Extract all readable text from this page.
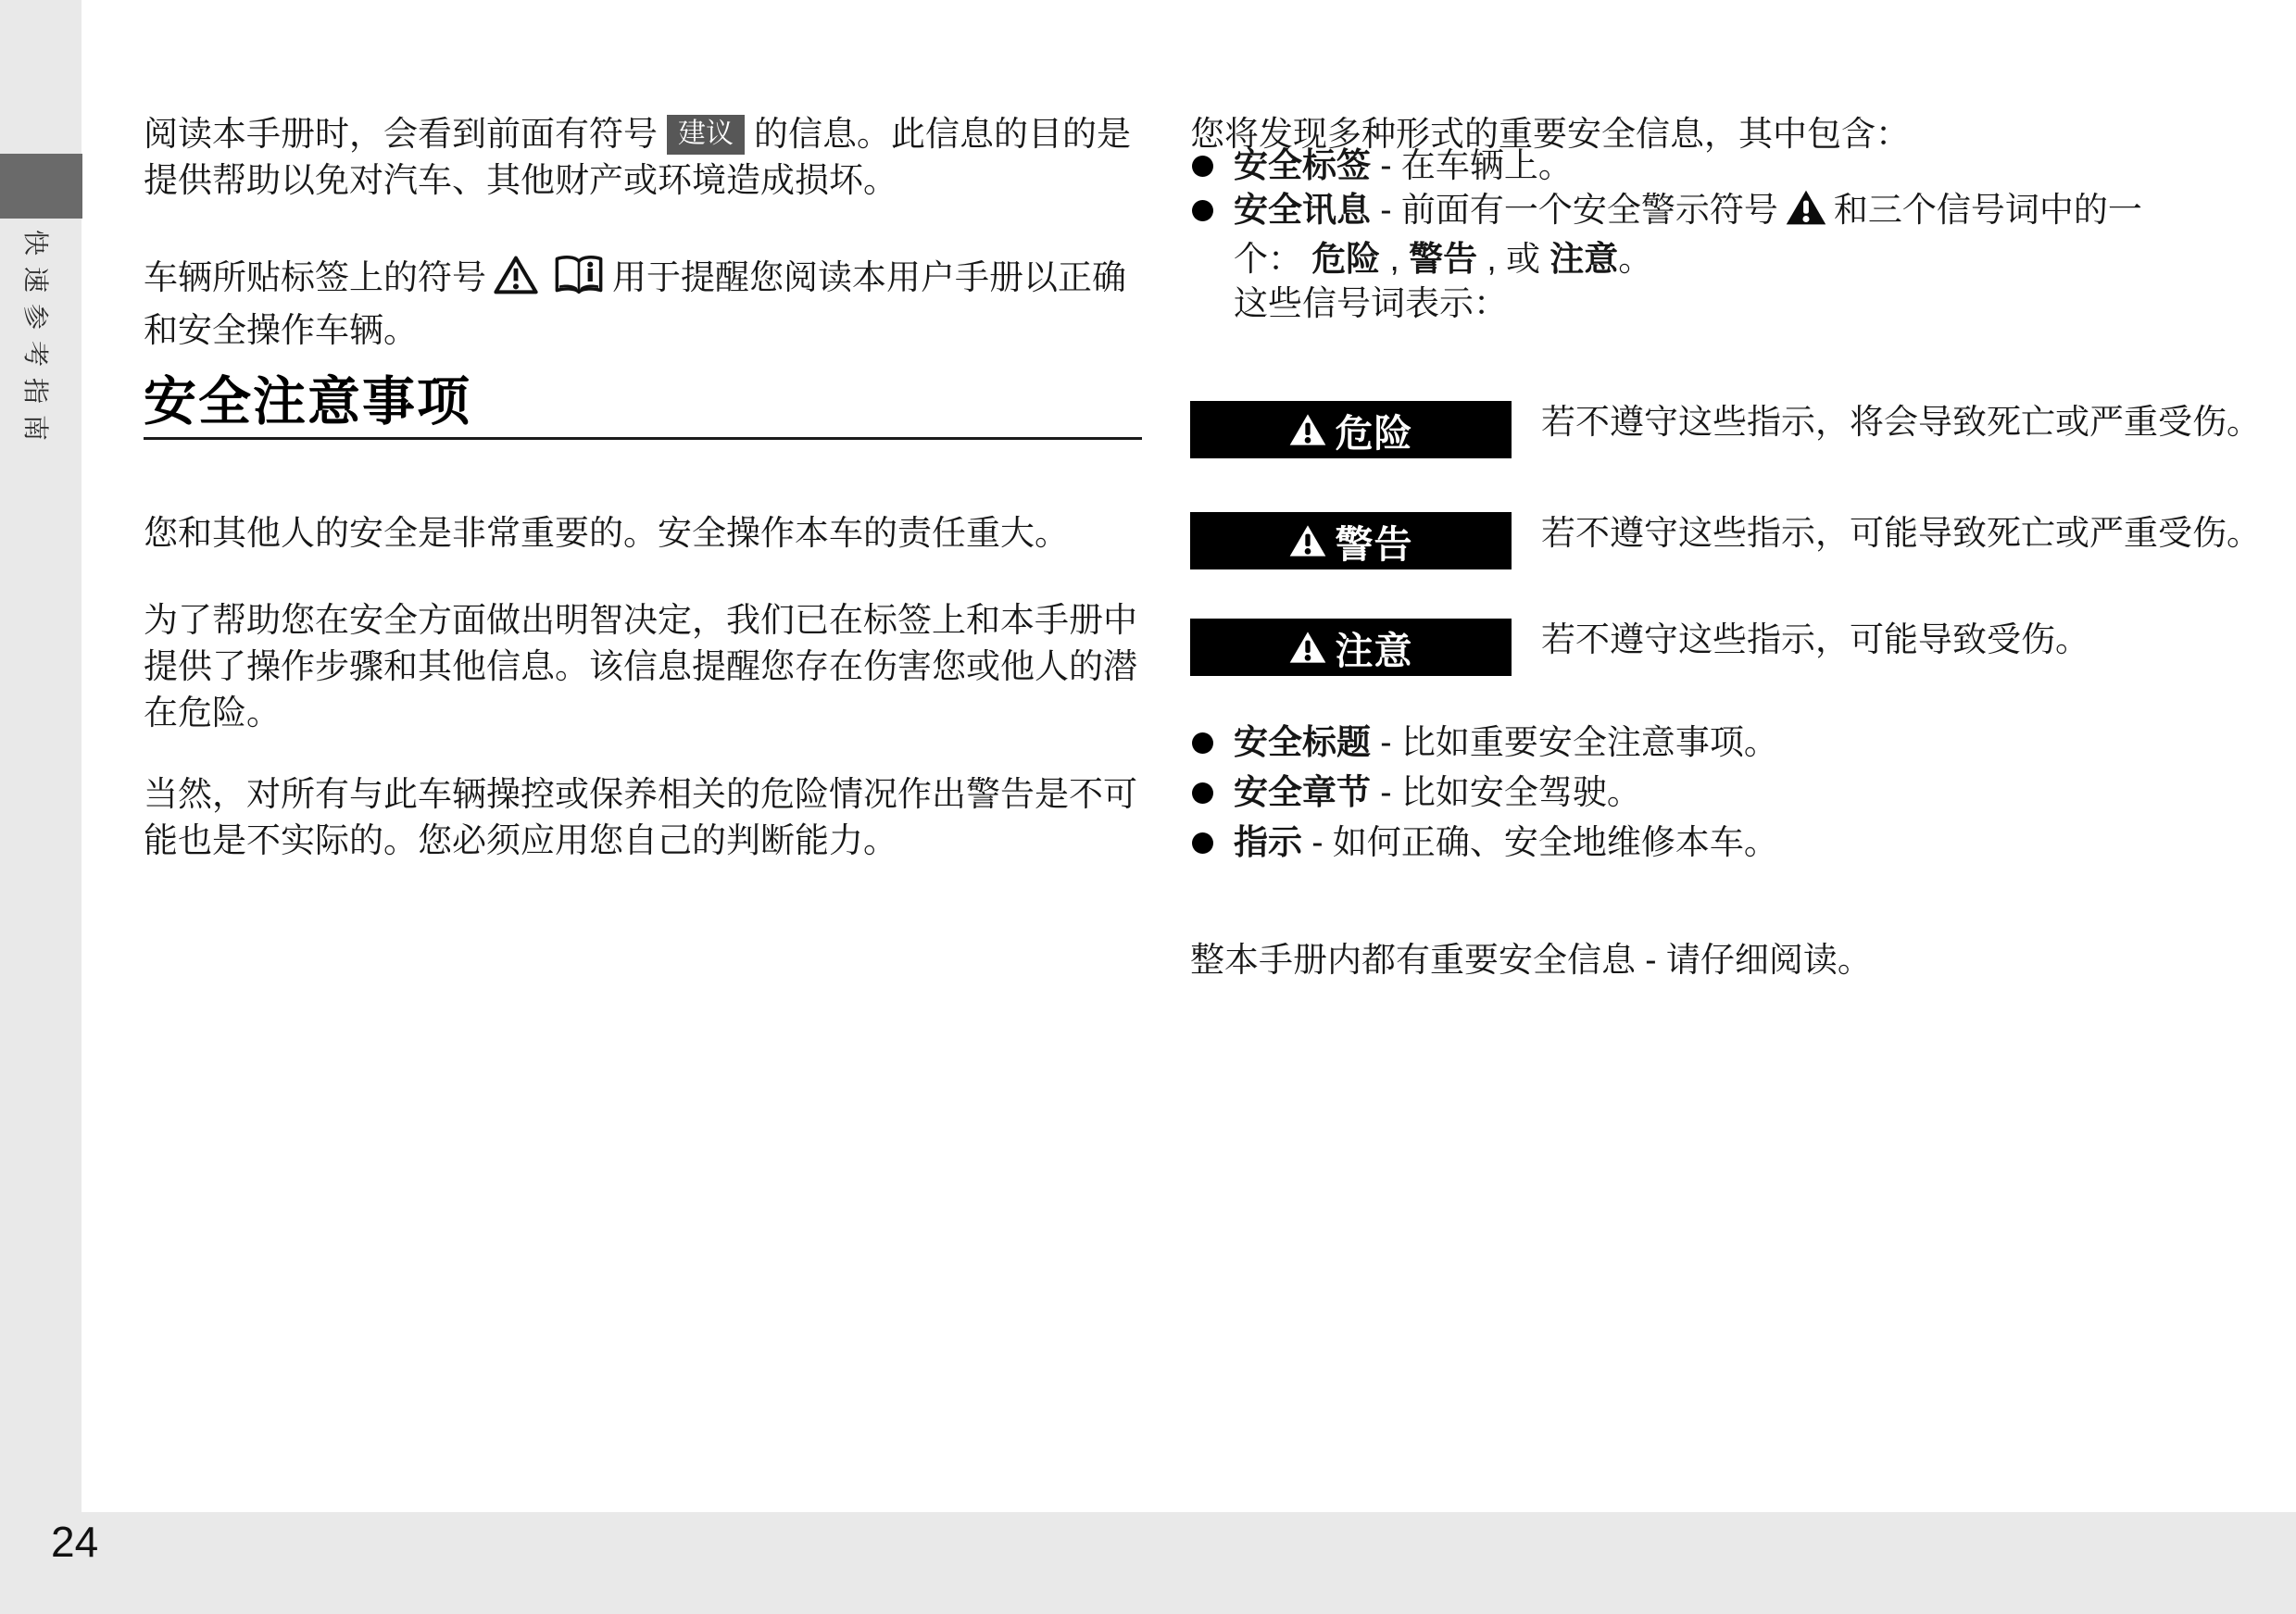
快速参考指南

阅读本手册时，会看到前面有符号 建议 的信息。此信息的目的是提供帮助以免对汽车、其他财产或环境造成损坏。

车辆所贴标签上的符号	用于提醒您阅读本用户手册以正确和安全操作车辆。

安全注意事项

您和其他人的安全是非常重要的。安全操作本车的责任重大。

为了帮助您在安全方面做出明智决定，我们已在标签上和本手册中提供了操作步骤和其他信息。该信息提醒您存在伤害您或他人的潜在危险。

当然，对所有与此车辆操控或保养相关的危险情况作出警告是不可能也是不实际的。您必须应用您自己的判断能力。

您将发现多种形式的重要安全信息，其中包含：

安全标签 - 在车辆上。
安全讯息 - 前面有一个安全警示符号 和三个信号词中的一
个： 危险 , 警告 , 或 注意。
这些信号词表示：
危险	若不遵守这些指示，将会导致死亡或严重受伤。
警告	若不遵守这些指示，可能导致死亡或严重受伤。
注意	若不遵守这些指示，可能导致受伤。
安全标题 - 比如重要安全注意事项。
安全章节 - 比如安全驾驶。
指示 - 如何正确、安全地维修本车。

整本手册内都有重要安全信息 - 请仔细阅读。

24
